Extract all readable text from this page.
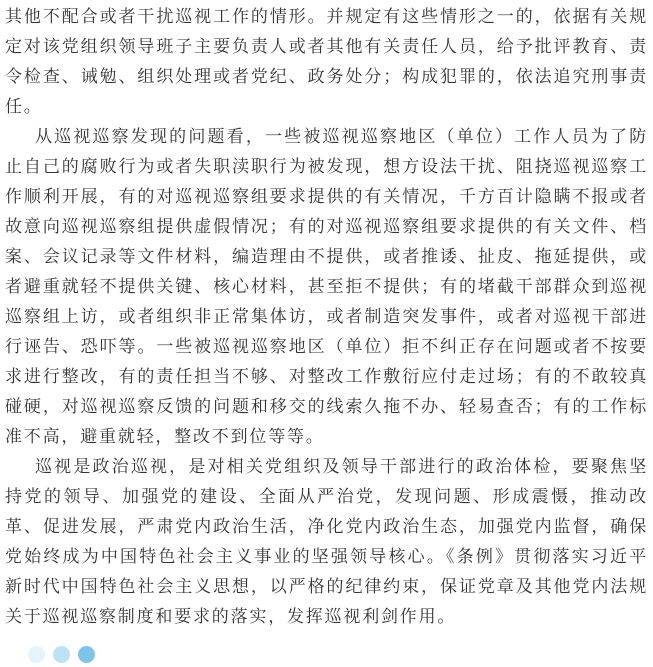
其他不配合或者干扰巡视工作的情形。并规定有这些情形之一的，依据有关规定对该党组织领导班子主要负责人或者其他有关责任人员，给予批评教育、责令检查、诫勉、组织处理或者党纪、政务处分；构成犯罪的，依法追究刑事责任。

从巡视巡察发现的问题看，一些被巡视巡察地区（单位）工作人员为了防止自己的腐败行为或者失职渎职行为被发现，想方设法干扰、阻挠巡视巡察工作顺利开展，有的对巡视巡察组要求提供的有关情况，千方百计隐瞒不报或者故意向巡视巡察组提供虚假情况；有的对巡视巡察组要求提供的有关文件、档案、会议记录等文件材料，编造理由不提供，或者推诿、扯皮、拖延提供，或者避重就轻不提供关键、核心材料，甚至拒不提供；有的堵截干部群众到巡视巡察组上访，或者组织非正常集体访，或者制造突发事件，或者对巡视干部进行诬告、恐吓等。一些被巡视巡察地区（单位）拒不纠正存在问题或者不按要求进行整改，有的责任担当不够、对整改工作敷衍应付走过场；有的不敢较真碰硬，对巡视巡察反馈的问题和移交的线索久拖不办、轻易查否；有的工作标准不高，避重就轻，整改不到位等等。

巡视是政治巡视，是对相关党组织及领导干部进行的政治体检，要聚焦坚持党的领导、加强党的建设、全面从严治党，发现问题、形成震慑，推动改革、促进发展，严肃党内政治生活，净化党内政治生态，加强党内监督，确保党始终成为中国特色社会主义事业的坚强领导核心。《条例》贯彻落实习近平新时代中国特色社会主义思想，以严格的纪律约束，保证党章及其他党内法规关于巡视巡察制度和要求的落实，发挥巡视利剑作用。
